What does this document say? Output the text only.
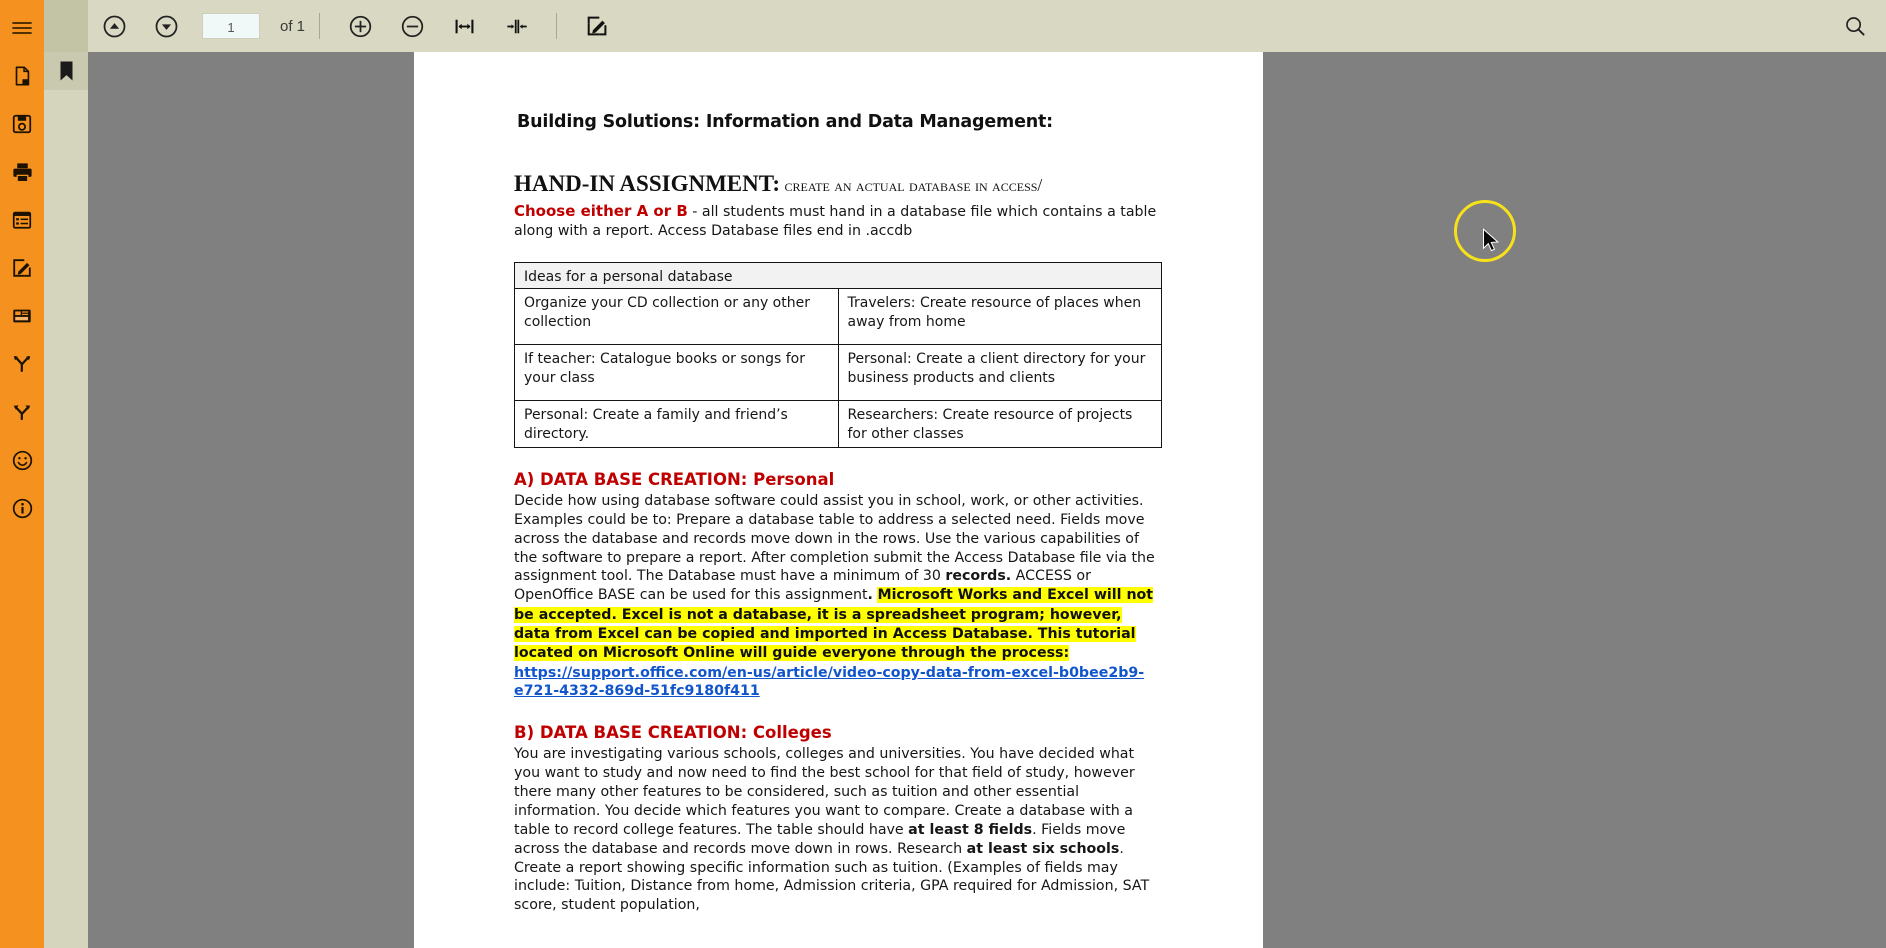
1	of 1
Building Solutions: Information and Data Management:
HAND-IN ASSIGNMENT: create an actual database in access/

Choose either A or B - all students must hand in a database file which contains a table along with a report. Access Database files end in .accdb

Ideas for a personal database	
Organize your CD collection or any other collection	Travelers: Create resource of places when away from home
If teacher: Catalogue books or songs for your class	Personal: Create a client directory for your business products and clients
Personal: Create a family and friend’s directory.	Researchers: Create resource of projects for other classes
A) DATA BASE CREATION: Personal

Decide how using database software could assist you in school, work, or other activities. Examples could be to: Prepare a database table to address a selected need. Fields move across the database and records move down in the rows. Use the various capabilities of the software to prepare a report. After completion submit the Access Database file via the assignment tool. The Database must have a minimum of 30 records. ACCESS or OpenOffice BASE can be used for this assignment. Microsoft Works and Excel will not be accepted. Excel is not a database, it is a spreadsheet program; however, data from Excel can be copied and imported in Access Database. This tutorial located on Microsoft Online will guide everyone through the process: https://support.office.com/en-us/article/video-copy-data-from-excel-b0bee2b9-e721-4332-869d-51fc9180f411

B) DATA BASE CREATION: Colleges

You are investigating various schools, colleges and universities. You have decided what you want to study and now need to find the best school for that field of study, however there many other features to be considered, such as tuition and other essential information. You decide which features you want to compare. Create a database with a table to record college features. The table should have at least 8 fields. Fields move across the database and records move down in rows. Research at least six schools. Create a report showing specific information such as tuition. (Examples of fields may include: Tuition, Distance from home, Admission criteria, GPA required for Admission, SAT score, student population,
